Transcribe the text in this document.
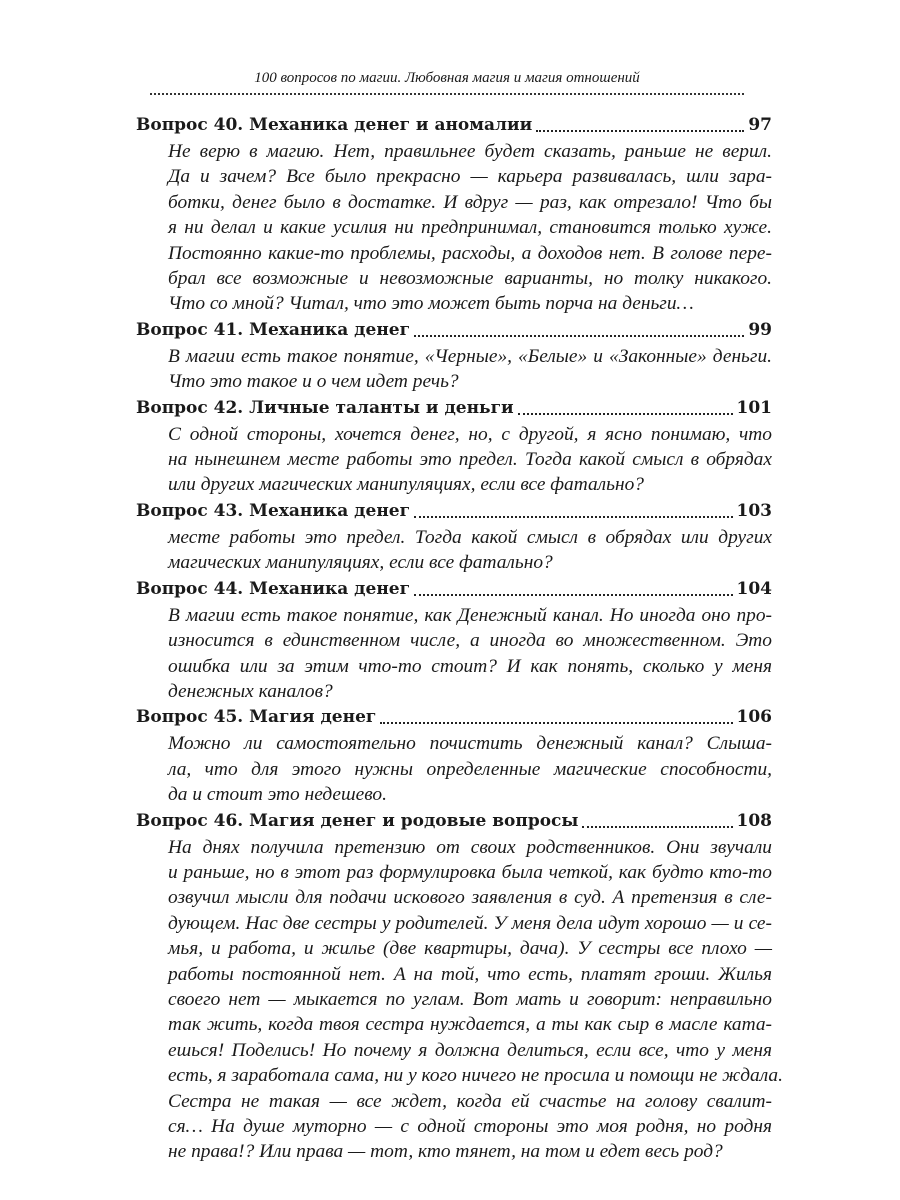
100 вопросов по магии. Любовная магия и магия отношений
Вопрос 40. Механика денег и аномалии	97
Не верю в магию. Нет, правильнее будет сказать, раньше не верил.
Да и зачем? Все было прекрасно — карьера развивалась, шли зара-
ботки, денег было в достатке. И вдруг — раз, как отрезало! Что бы
я ни делал и какие усилия ни предпринимал, становится только хуже.
Постоянно какие-то проблемы, расходы, а доходов нет. В голове пере-
брал все возможные и невозможные варианты, но толку никакого.
Что со мной? Читал, что это может быть порча на деньги…
Вопрос 41. Механика денег	99
В магии есть такое понятие, «Черные», «Белые» и «Законные» деньги.
Что это такое и о чем идет речь?
Вопрос 42. Личные таланты и деньги	101
С одной стороны, хочется денег, но, с другой, я ясно понимаю, что
на нынешнем месте работы это предел. Тогда какой смысл в обрядах
или других магических манипуляциях, если все фатально?
Вопрос 43. Механика денег	103
месте работы это предел. Тогда какой смысл в обрядах или других
магических манипуляциях, если все фатально?
Вопрос 44. Механика денег	104
В магии есть такое понятие, как Денежный канал. Но иногда оно про-
износится в единственном числе, а иногда во множественном. Это
ошибка или за этим что-то стоит? И как понять, сколько у меня
денежных каналов?
Вопрос 45. Магия денег	106
Можно ли самостоятельно почистить денежный канал? Слыша-
ла, что для этого нужны определенные магические способности,
да и стоит это недешево.
Вопрос 46. Магия денег и родовые вопросы	108
На днях получила претензию от своих родственников. Они звучали
и раньше, но в этот раз формулировка была четкой, как будто кто-то
озвучил мысли для подачи искового заявления в суд. А претензия в сле-
дующем. Нас две сестры у родителей. У меня дела идут хорошо — и се-
мья, и работа, и жилье (две квартиры, дача). У сестры все плохо —
работы постоянной нет. А на той, что есть, платят гроши. Жилья
своего нет — мыкается по углам. Вот мать и говорит: неправильно
так жить, когда твоя сестра нуждается, а ты как сыр в масле ката-
ешься! Поделись! Но почему я должна делиться, если все, что у меня
есть, я заработала сама, ни у кого ничего не просила и помощи не ждала.
Сестра не такая — все ждет, когда ей счастье на голову свалит-
ся… На душе муторно — с одной стороны это моя родня, но родня
не права!? Или права — тот, кто тянет, на том и едет весь род?
